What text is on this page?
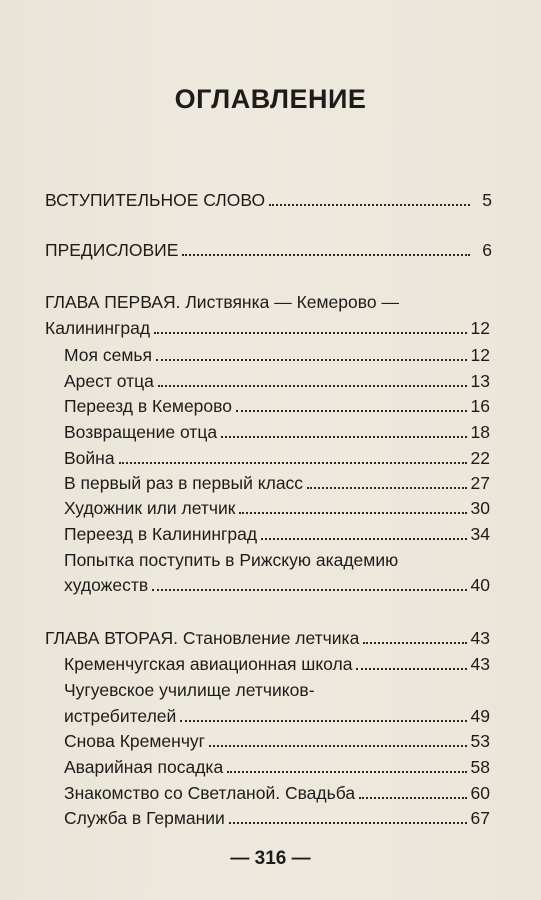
ОГЛАВЛЕНИЕ
ВСТУПИТЕЛЬНОЕ СЛОВО	5
ПРЕДИСЛОВИЕ	6
ГЛАВА ПЕРВАЯ. Листвянка — Кемерово —
Калининград	12
Моя семья	12
Арест отца	13
Переезд в Кемерово	16
Возвращение отца	18
Война	22
В первый раз в первый класс	27
Художник или летчик	30
Переезд в Калининград	34
Попытка поступить в Рижскую академию
художеств	40
ГЛАВА ВТОРАЯ. Становление летчика	43
Кременчугская авиационная школа	43
Чугуевское училище летчиков-
истребителей	49
Снова Кременчуг	53
Аварийная посадка	58
Знакомство со Светланой. Свадьба	60
Служба в Германии	67
— 316 —
